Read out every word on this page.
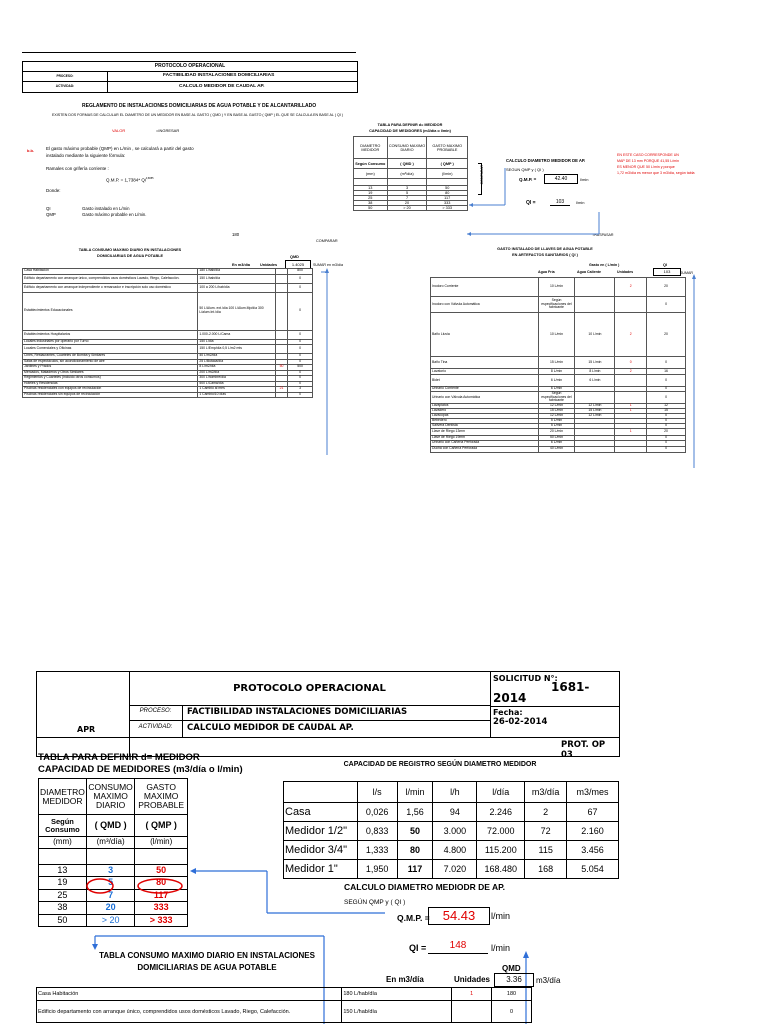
PROTOCOLO OPERACIONAL
PROCESO:	FACTIBILIDAD INSTALACIONES DOMICILIARIAS
ACTIVIDAD:	CALCULO MEDIDOR DE CAUDAL AP.
REGLAMENTO DE INSTALACIONES DOMICILIARIAS DE AGUA POTABLE Y DE ALCANTARILLADO
EXISTEN DOS FORMAS DE CALCULAR EL DIAMETRO DE UN MEDIDOR EN BASE AL GASTO ( QMD ) Y EN BASE AL GASTO ( QMP ) EL QUE SE CALCULA EN BASE AL ( QI )
VALOR	=INGRESAR
b.b.	El gasto máximo probable (QMP) en L/min , se calculará a partir del gasto
instalado mediante la siguiente fórmula:
Ramales con grifería corriente :
Q.M.P. = 1,7384* $Qi^{0,6885}$
Donde:
QI	Gasto instalado en L/min
QMP	Gasto máximo probable en L/min.
180
TABLA PARA DEFINIR d= MEDIDOR
CAPACIDAD DE MEDIDORES (m3/día o l/min)
DIAMETRO MEDIDOR	CONSUMO MAXIMO DIARIO	GASTO MAXIMO PROBABLE
Según Consumo	( QMD )	( QMP )
(mm)	(m³/día)	(l/min)

13	3	50
19	5	80
25	7	117
38	20	333
50	> 20	> 333
COMPARAR
COMPARAR
CALCULO DIAMETRO MEDIDOR DE AP.
SEGUN QMP y ( QI )
Q.M.P. =	42.40	l/min
QI =	103	l/min
EN ESTE CASO CORRESPONDE UN
MAP DE 13 mm PORQUE 41,55 L/min
ES MENOR QUE 50 L/min y porque
1,72 m3/día es menor que 3 m3/día, según tabla
TRASPASAR
TABLA CONSUMO MAXIMO DIARIO EN INSTALACIONES
DOMICILIARIAS DE AGUA POTABLE	QMD
En m3/día	Unidades	1.4025	SUMAR en m3/día
Casa Habitación	180 L/hab/día		800
Edificio departamento con arranque único, comprendidos usos domésticos Lavado, Riego, Calefacción.	150 L/hab/día		0
Edificio departamento con arranque independiente o remarcador e inscripción solo uso doméstico	100 a 200 L/hab/día		0
Establecimientos Educacionales	50 L/Alum. ext./día 100 L/Alum.Mp/día 300 L/alum.Int./día		0
Establecimientos Hospitalarios	1.000-2.000 L/Cama		0
Locales industriales por operario por Turno	150 L/día		0
Locales Comerciales y Oficinas	150 L/Emp/día 0,5 L/m2 mts		0
Cines, Restaurantes, Cuarteles de Bomba y Similares	40 L/m2/día		0
Salas de espectáculos, sin acondicionamiento de aire	25 L/Butaca/día		0
Jardines y Prados	8 L/m2/día	50	500
Mercados, Mataderos y Otros Similares	200 L/m2/día		0
Regimientos y Cuarteles (Incluido otros consumos)	300 L/hombre/día		0
Hoteles y Residencias	500 L/Cama/día		0
Piscinas residenciales con equipos de recirculación	1 Cambio al mes	21	3
Piscinas residenciales sin equipos de recirculación	1 Cambio/10 días		0
GASTO INSTALADO DE LLAVES DE AGUA POTABLE
EN ARTEFACTOS SANITARIOS ( QI )
Gasto en ( L/min )	QI
Agua Fría	Agua Caliente	Unidades	103	SUMAR
Inodoro Corriente	10 L/min		2	20
Inodoro con Válvula Automática	Según especificaciones del fabricante			0
Baño Lluvia	10 L/min	10 L/min	2	20
Baño Tina	15 L/min	15 L/min	0	0
Lavatorio	8 L/min	8 L/min	2	16
Bidet	6 L/min	6 L/min		0
Urinario Corriente	6 L/min			0
Urinario con Válvula Automática	Según especificaciones del fabricante			0
Lavaplatos	12 L/min	12 L/min	1	12
Lavadero	15 L/min	15 L/min	1	15
Lavacopas	12 L/min	12 L/min		0
Bebedero	5 L/min			0
Salivera Dentista	5 L/min			0
Llave de Riego 13mm	20 L/min		1	20
Llave de Riego 19mm	50 L/min			0
Urinario con Cañería Perforada	6 L/min			0
Ducha con Cañería Perforada	40 L/min			0
PROTOCOLO OPERACIONAL
PROCESO:	FACTIBILIDAD INSTALACIONES DOMICILIARIAS
ACTIVIDAD:	CALCULO MEDIDOR DE CAUDAL AP.
APR
SOLICITUD N°:
1681-
2014
Fecha:
26-02-2014
PROT. OP 03
TABLA PARA DEFINIR d= MEDIDOR
CAPACIDAD DE MEDIDORES (m3/día o l/min)
DIAMETRO MEDIDOR	CONSUMO MAXIMO DIARIO	GASTO MAXIMO PROBABLE
Según Consumo	( QMD )	( QMP )
(mm)	(m³/día)	(l/min)

13	3	50
19	5	80
25	7	117
38	20	333
50	> 20	> 333
CAPACIDAD DE REGISTRO SEGÚN DIAMETRO MEDIDOR
	l/s	l/min	l/h	l/día	m3/día	m3/mes
Casa	0,026	1,56	94	2.246	2	67
Medidor 1/2"	0,833	50	3.000	72.000	72	2.160
Medidor 3/4"	1,333	80	4.800	115.200	115	3.456
Medidor 1"	1,950	117	7.020	168.480	168	5.054
CALCULO DIAMETRO MEDIODR DE AP.
SEGÚN QMP y ( QI )
Q.M.P. =	54.43	l/min
QI =	148	l/min
TABLA CONSUMO MAXIMO DIARIO EN INSTALACIONES
DOMICILIARIAS DE AGUA POTABLE	QMD
En m3/día	Unidades	3.36	m3/día
Casa Habitación	180 L/hab/día	1	180
Edificio departamento con arranque único, comprendidos usos domésticos Lavado, Riego, Calefacción.	150 L/hab/día		0
